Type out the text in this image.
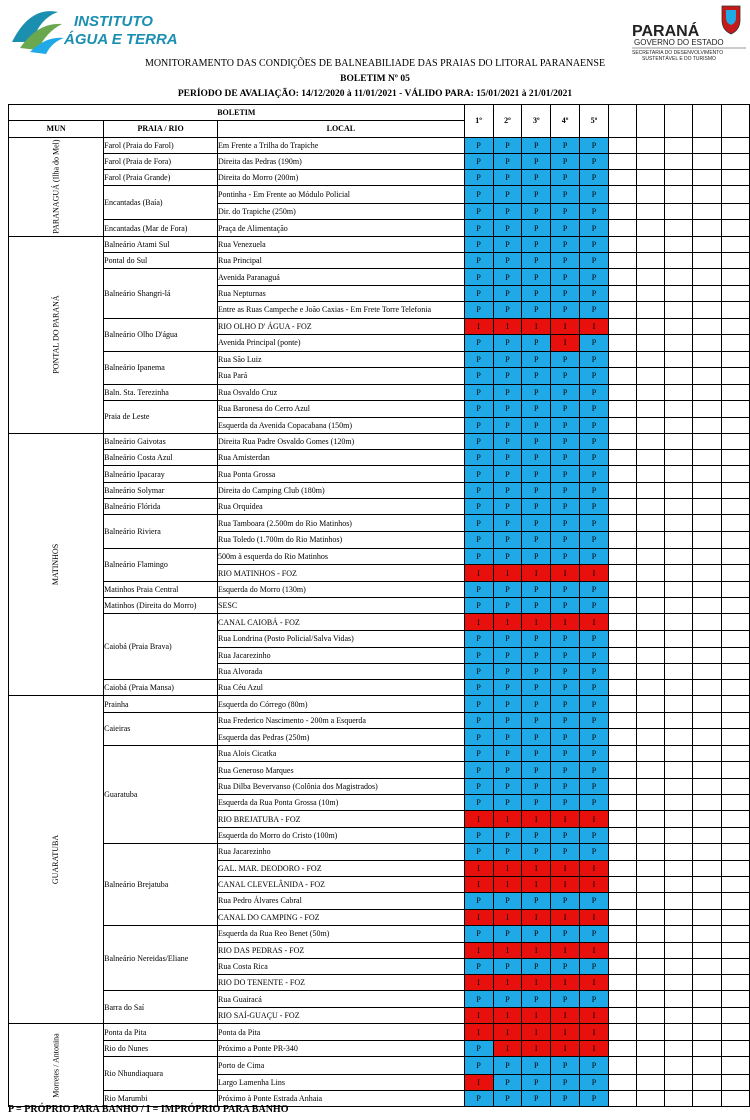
INSTITUTO
ÁGUA E TERRA	PARANÁ
GOVERNO DO ESTADO
SECRETARIA DO DESENVOLVIMENTO
SUSTENTÁVEL E DO TURISMO
MONITORAMENTO DAS CONDIÇÕES DE BALNEABILIADE DAS PRAIAS DO LITORAL PARANAENSE
BOLETIM Nº 05
PERÍODO DE AVALIAÇÃO: 14/12/2020 à 11/01/2021 - VÁLIDO PARA: 15/01/2021 à 21/01/2021
BOLETIM			1º	2º	3º	4º	5º					
MUN	PRAIA / RIO	LOCAL										
PARANAGUÁ (Ilha do Mel)	Farol (Praia do Farol)	Em Frente a Trilha do Trapiche	P	P	P	P	P					
	Farol (Praia de Fora)	Direita das Pedras (190m)	P	P	P	P	P					
	Farol (Praia Grande)	Direita do Morro (200m)	P	P	P	P	P					
	Encantadas (Baía)	Pontinha - Em Frente ao Módulo Policial	P	P	P	P	P					
		Dir. do Trapiche (250m)	P	P	P	P	P					
	Encantadas (Mar de Fora)	Praça de Alimentação	P	P	P	P	P					
PONTAL DO PARANÁ	Balneário Atami Sul	Rua Venezuela	P	P	P	P	P					
	Pontal do Sul	Rua Principal	P	P	P	P	P					
	Balneário Shangri-lá	Avenida Paranaguá	P	P	P	P	P					
		Rua Nepturnas	P	P	P	P	P					
		Entre as Ruas Campeche e João Caxias - Em Frete Torre Telefonia	P	P	P	P	P					
	Balneário Olho D'água	RIO OLHO D' ÁGUA - FOZ	I	I	I	I	I					
		Avenida Principal (ponte)	P	P	P	I	P					
	Balneário Ipanema	Rua São Luiz	P	P	P	P	P					
		Rua Pará	P	P	P	P	P					
	Baln. Sta. Terezinha	Rua Osvaldo Cruz	P	P	P	P	P					
	Praia de Leste	Rua Baronesa do Cerro Azul	P	P	P	P	P					
		Esquerda da Avenida Copacabana (150m)	P	P	P	P	P					
MATINHOS	Balneário Gaivotas	Direita Rua Padre Osvaldo Gomes (120m)	P	P	P	P	P					
	Balneário Costa Azul	Rua Amisterdan	P	P	P	P	P					
	Balneário Ipacaray	Rua Ponta Grossa	P	P	P	P	P					
	Balneário Solymar	Direita do Camping Club (180m)	P	P	P	P	P					
	Balneário Flórida	Rua Orquídea	P	P	P	P	P					
	Balneário Riviera	Rua Tamboara (2.500m do Rio Matinhos)	P	P	P	P	P					
		Rua Toledo (1.700m do Rio Matinhos)	P	P	P	P	P					
	Balneário Flamingo	500m à esquerda do Rio Matinhos	P	P	P	P	P					
		RIO MATINHOS - FOZ	I	I	I	I	I					
	Matinhos Praia Central	Esquerda do Morro (130m)	P	P	P	P	P					
	Matinhos (Direita do Morro)	SESC	P	P	P	P	P					
	Caiobá (Praia Brava)	CANAL CAIOBÁ - FOZ	I	I	I	I	I					
		Rua Londrina (Posto Policial/Salva Vidas)	P	P	P	P	P					
		Rua Jacarezinho	P	P	P	P	P					
		Rua Alvorada	P	P	P	P	P					
	Caiobá (Praia Mansa)	Rua Céu Azul	P	P	P	P	P					
GUARATUBA	Prainha	Esquerda do Córrego (80m)	P	P	P	P	P					
	Caieiras	Rua Frederico Nascimento - 200m a Esquerda	P	P	P	P	P					
		Esquerda das Pedras (250m)	P	P	P	P	P					
	Guaratuba	Rua Alois Cicatka	P	P	P	P	P					
		Rua Generoso Marques	P	P	P	P	P					
		Rua Dilba Bevervanso (Colônia dos Magistrados)	P	P	P	P	P					
		Esquerda da Rua Ponta Grossa (10m)	P	P	P	P	P					
		RIO BREJATUBA - FOZ	I	I	I	I	I					
		Esquerda do Morro do Cristo (100m)	P	P	P	P	P					
	Balneário Brejatuba	Rua Jacarezinho	P	P	P	P	P					
		GAL. MAR. DEODORO - FOZ	I	I	I	I	I					
		CANAL CLEVELÂNIDA - FOZ	I	I	I	I	I					
		Rua Pedro Álvares Cabral	P	P	P	P	P					
		CANAL DO CAMPING - FOZ	I	I	I	I	I					
	Balneário Nereidas/Eliane	Esquerda da Rua Reo Benet (50m)	P	P	P	P	P					
		RIO DAS PEDRAS - FOZ	I	I	I	I	I					
		Rua Costa Rica	P	P	P	P	P					
		RIO DO TENENTE - FOZ	I	I	I	I	I					
	Barra do Saí	Rua Guairacá	P	P	P	P	P					
		RIO SAÍ-GUAÇU - FOZ	I	I	I	I	I					
Morretes / Antonina	Ponta da Pita	Ponta da Pita	I	I	I	I	I					
	Rio do Nunes	Próximo a Ponte PR-340	P	I	I	I	I					
	Rio Nhundiaquara	Porto de Cima	P	P	P	P	P					
		Largo Lamenha Lins	I	P	P	P	P					
	Rio Marumbi	Próximo à Ponte Estrada Anhaia	P	P	P	P	P					
P = PRÓPRIO PARA BANHO / I = IMPRÓPRIO PARA BANHO
